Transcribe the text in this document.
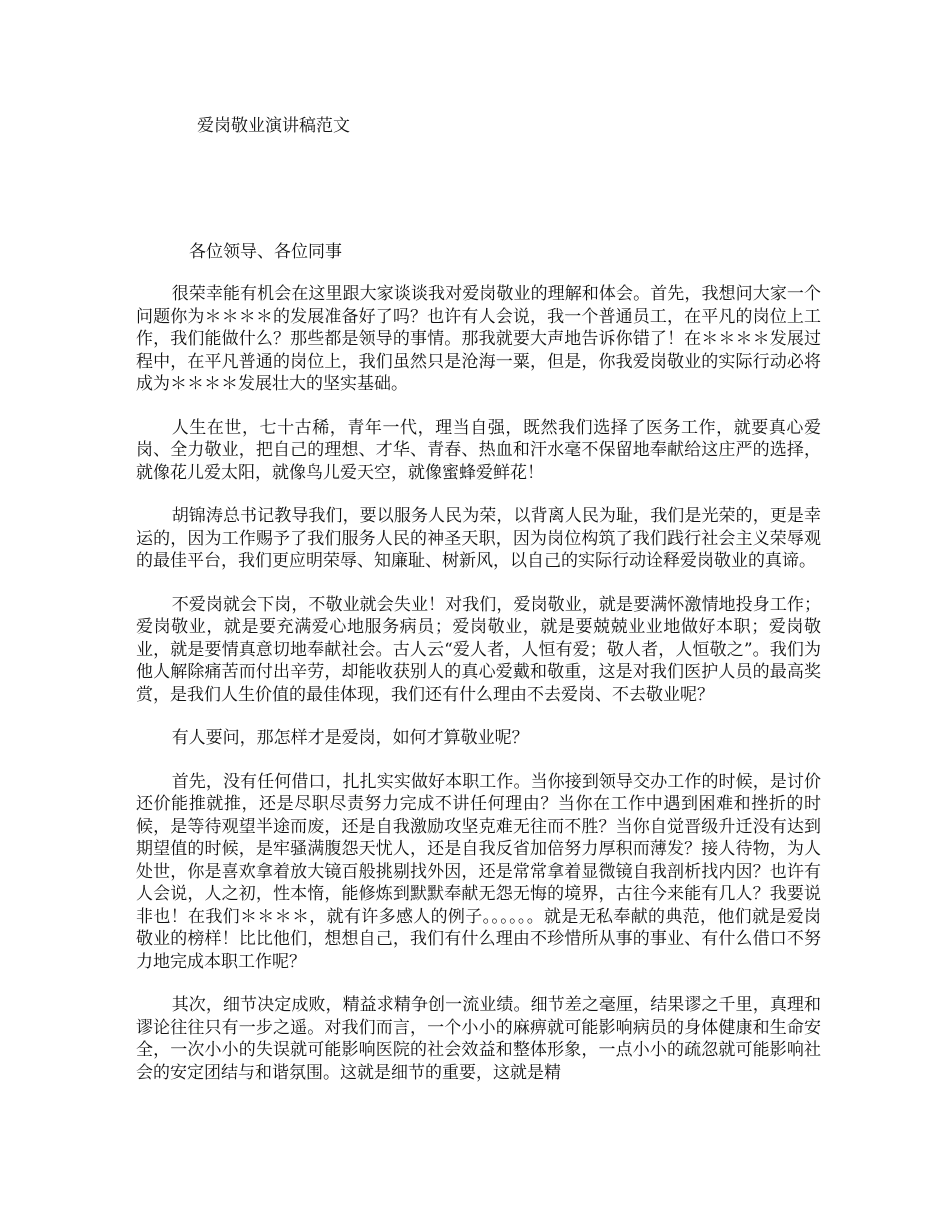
爱岗敬业演讲稿范文

各位领导、各位同事

很荣幸能有机会在这里跟大家谈谈我对爱岗敬业的理解和体会。首先，我想问大家一个问题你为＊＊＊＊的发展准备好了吗？也许有人会说，我一个普通员工，在平凡的岗位上工作，我们能做什么？那些都是领导的事情。那我就要大声地告诉你错了！在＊＊＊＊发展过程中，在平凡普通的岗位上，我们虽然只是沧海一粟，但是，你我爱岗敬业的实际行动必将成为＊＊＊＊发展壮大的坚实基础。

人生在世，七十古稀，青年一代，理当自强，既然我们选择了医务工作，就要真心爱岗、全力敬业，把自己的理想、才华、青春、热血和汗水毫不保留地奉献给这庄严的选择，就像花儿爱太阳，就像鸟儿爱天空，就像蜜蜂爱鲜花！

胡锦涛总书记教导我们，要以服务人民为荣，以背离人民为耻，我们是光荣的，更是幸运的，因为工作赐予了我们服务人民的神圣天职，因为岗位构筑了我们践行社会主义荣辱观的最佳平台，我们更应明荣辱、知廉耻、树新风，以自己的实际行动诠释爱岗敬业的真谛。

不爱岗就会下岗，不敬业就会失业！对我们，爱岗敬业，就是要满怀激情地投身工作；爱岗敬业，就是要充满爱心地服务病员；爱岗敬业，就是要兢兢业业地做好本职；爱岗敬业，就是要情真意切地奉献社会。古人云“爱人者，人恒有爱；敬人者，人恒敬之”。我们为他人解除痛苦而付出辛劳，却能收获别人的真心爱戴和敬重，这是对我们医护人员的最高奖赏，是我们人生价值的最佳体现，我们还有什么理由不去爱岗、不去敬业呢？

有人要问，那怎样才是爱岗，如何才算敬业呢？

首先，没有任何借口，扎扎实实做好本职工作。当你接到领导交办工作的时候，是讨价还价能推就推，还是尽职尽责努力完成不讲任何理由？当你在工作中遇到困难和挫折的时候，是等待观望半途而废，还是自我激励攻坚克难无往而不胜？当你自觉晋级升迁没有达到期望值的时候，是牢骚满腹怨天忧人，还是自我反省加倍努力厚积而薄发？接人待物，为人处世，你是喜欢拿着放大镜百般挑剔找外因，还是常常拿着显微镜自我剖析找内因？也许有人会说，人之初，性本惰，能修炼到默默奉献无怨无悔的境界，古往今来能有几人？我要说非也！在我们＊＊＊＊，就有许多感人的例子。。。。。。就是无私奉献的典范，他们就是爱岗敬业的榜样！比比他们，想想自己，我们有什么理由不珍惜所从事的事业、有什么借口不努力地完成本职工作呢？

其次，细节决定成败，精益求精争创一流业绩。细节差之毫厘，结果谬之千里，真理和谬论往往只有一步之遥。对我们而言，一个小小的麻痹就可能影响病员的身体健康和生命安全，一次小小的失误就可能影响医院的社会效益和整体形象，一点小小的疏忽就可能影响社会的安定团结与和谐氛围。这就是细节的重要，这就是精
